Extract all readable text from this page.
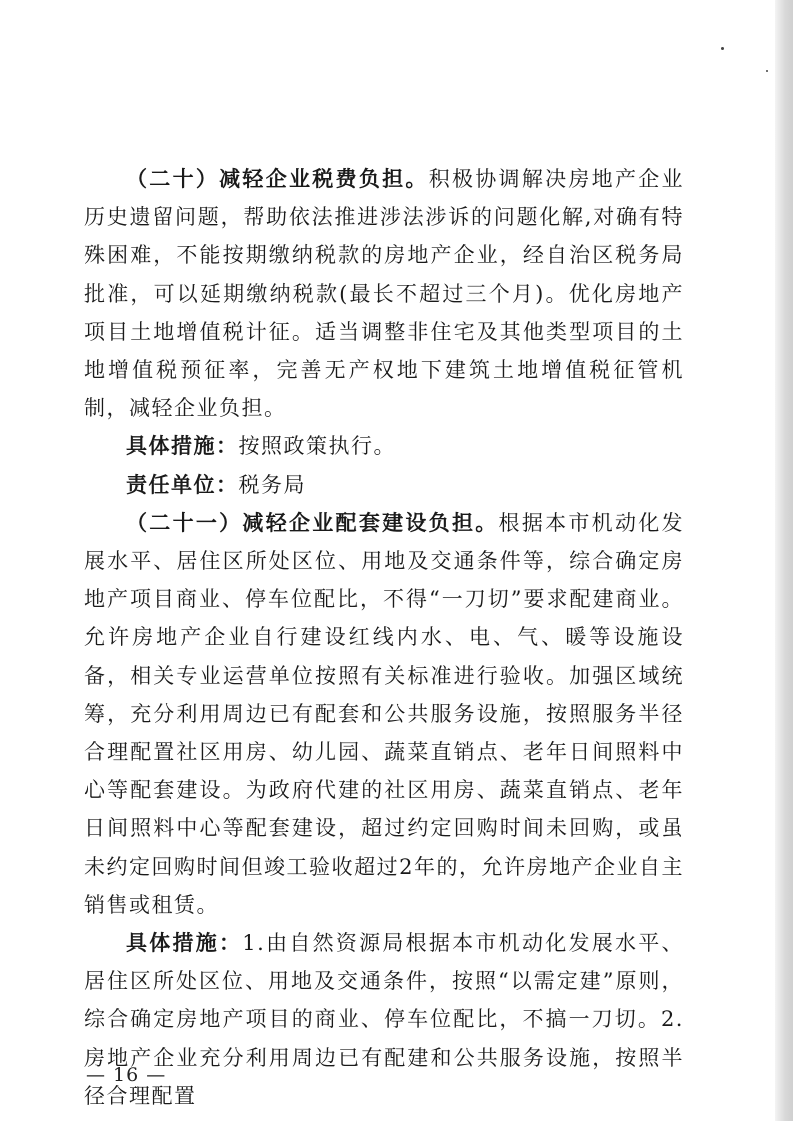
（二十）减轻企业税费负担。积极协调解决房地产企业历史遗留问题，帮助依法推进涉法涉诉的问题化解,对确有特殊困难，不能按期缴纳税款的房地产企业，经自治区税务局批准，可以延期缴纳税款(最长不超过三个月)。优化房地产项目土地增值税计征。适当调整非住宅及其他类型项目的土地增值税预征率，完善无产权地下建筑土地增值税征管机制，减轻企业负担。

具体措施：按照政策执行。

责任单位：税务局

（二十一）减轻企业配套建设负担。根据本市机动化发展水平、居住区所处区位、用地及交通条件等，综合确定房地产项目商业、停车位配比，不得“一刀切”要求配建商业。允许房地产企业自行建设红线内水、电、气、暖等设施设备，相关专业运营单位按照有关标准进行验收。加强区域统筹，充分利用周边已有配套和公共服务设施，按照服务半径合理配置社区用房、幼儿园、蔬菜直销点、老年日间照料中心等配套建设。为政府代建的社区用房、蔬菜直销点、老年日间照料中心等配套建设，超过约定回购时间未回购，或虽未约定回购时间但竣工验收超过2年的，允许房地产企业自主销售或租赁。

具体措施：1.由自然资源局根据本市机动化发展水平、居住区所处区位、用地及交通条件，按照“以需定建”原则，综合确定房地产项目的商业、停车位配比，不搞一刀切。2.房地产企业充分利用周边已有配建和公共服务设施，按照半径合理配置

— 16 —
